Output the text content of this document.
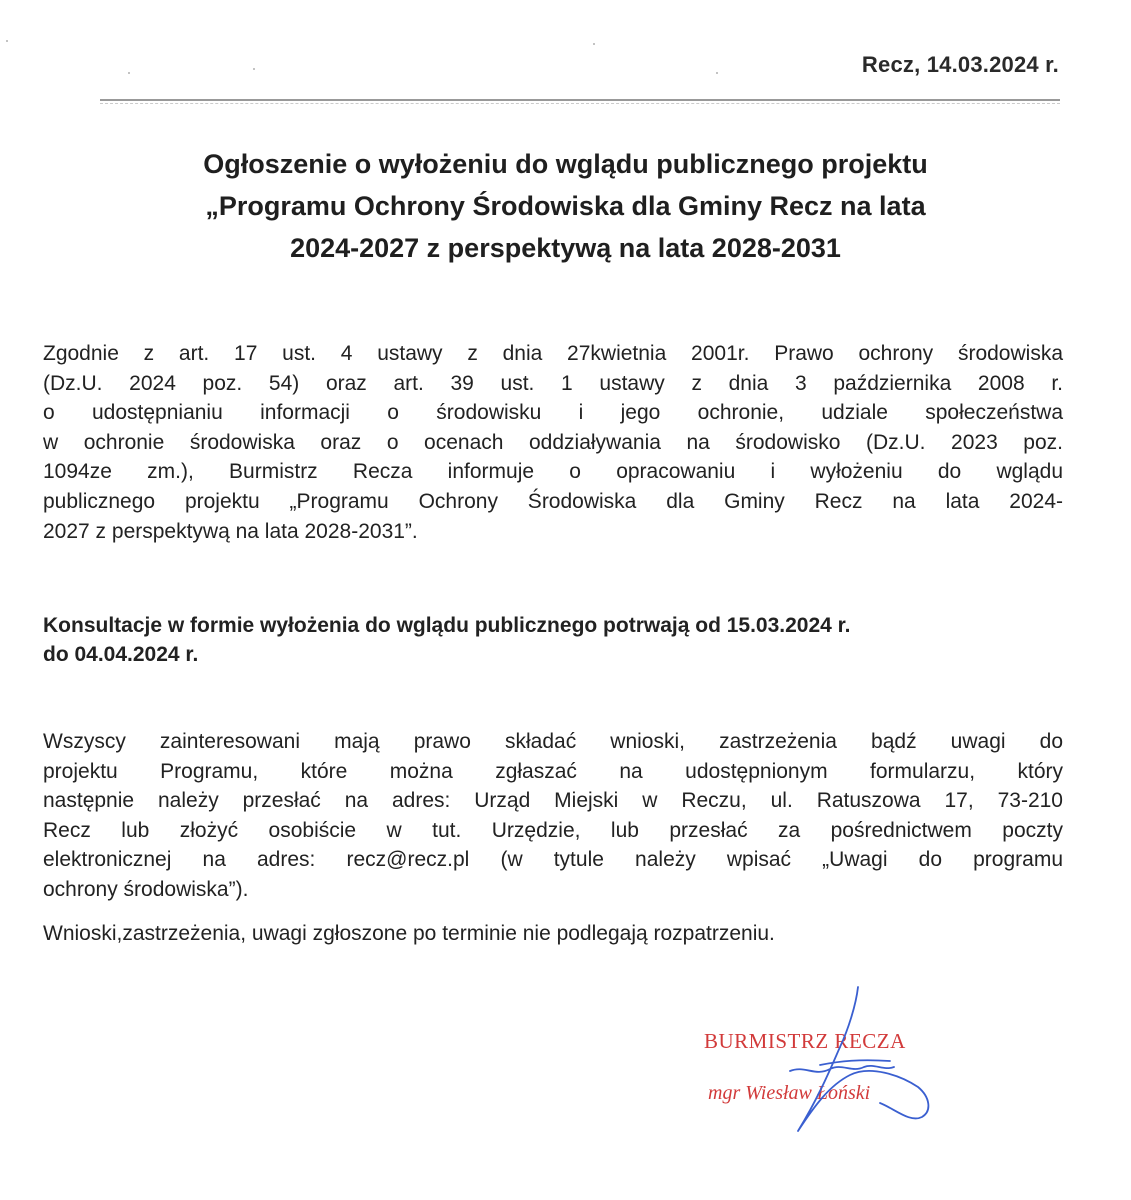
Recz, 14.03.2024 r.
Ogłoszenie o wyłożeniu do wglądu publicznego projektu
„Programu Ochrony Środowiska dla Gminy Recz na lata
2024-2027 z perspektywą na lata 2028-2031
Zgodnie z art. 17 ust. 4 ustawy z dnia 27kwietnia 2001r. Prawo ochrony środowiska
(Dz.U. 2024 poz. 54) oraz art. 39 ust. 1 ustawy z dnia 3 października 2008 r.
o udostępnianiu informacji o środowisku i jego ochronie, udziale społeczeństwa
w ochronie środowiska oraz o ocenach oddziaływania na środowisko (Dz.U. 2023 poz.
1094ze zm.), Burmistrz Recza informuje o opracowaniu i wyłożeniu do wglądu
publicznego projektu „Programu Ochrony Środowiska dla Gminy Recz na lata 2024-
2027 z perspektywą na lata 2028-2031”.
Konsultacje w formie wyłożenia do wglądu publicznego potrwają od 15.03.2024 r.
do 04.04.2024 r.
Wszyscy zainteresowani mają prawo składać wnioski, zastrzeżenia bądź uwagi do
projektu Programu, które można zgłaszać na udostępnionym formularzu, który
następnie należy przesłać na adres: Urząd Miejski w Reczu, ul. Ratuszowa 17, 73-210
Recz lub złożyć osobiście w tut. Urzędzie, lub przesłać za pośrednictwem poczty
elektronicznej na adres: recz@recz.pl (w tytule należy wpisać „Uwagi do programu
ochrony środowiska”).
Wnioski,zastrzeżenia, uwagi zgłoszone po terminie nie podlegają rozpatrzeniu.
BURMISTRZ RECZA
mgr Wiesław Łoński
